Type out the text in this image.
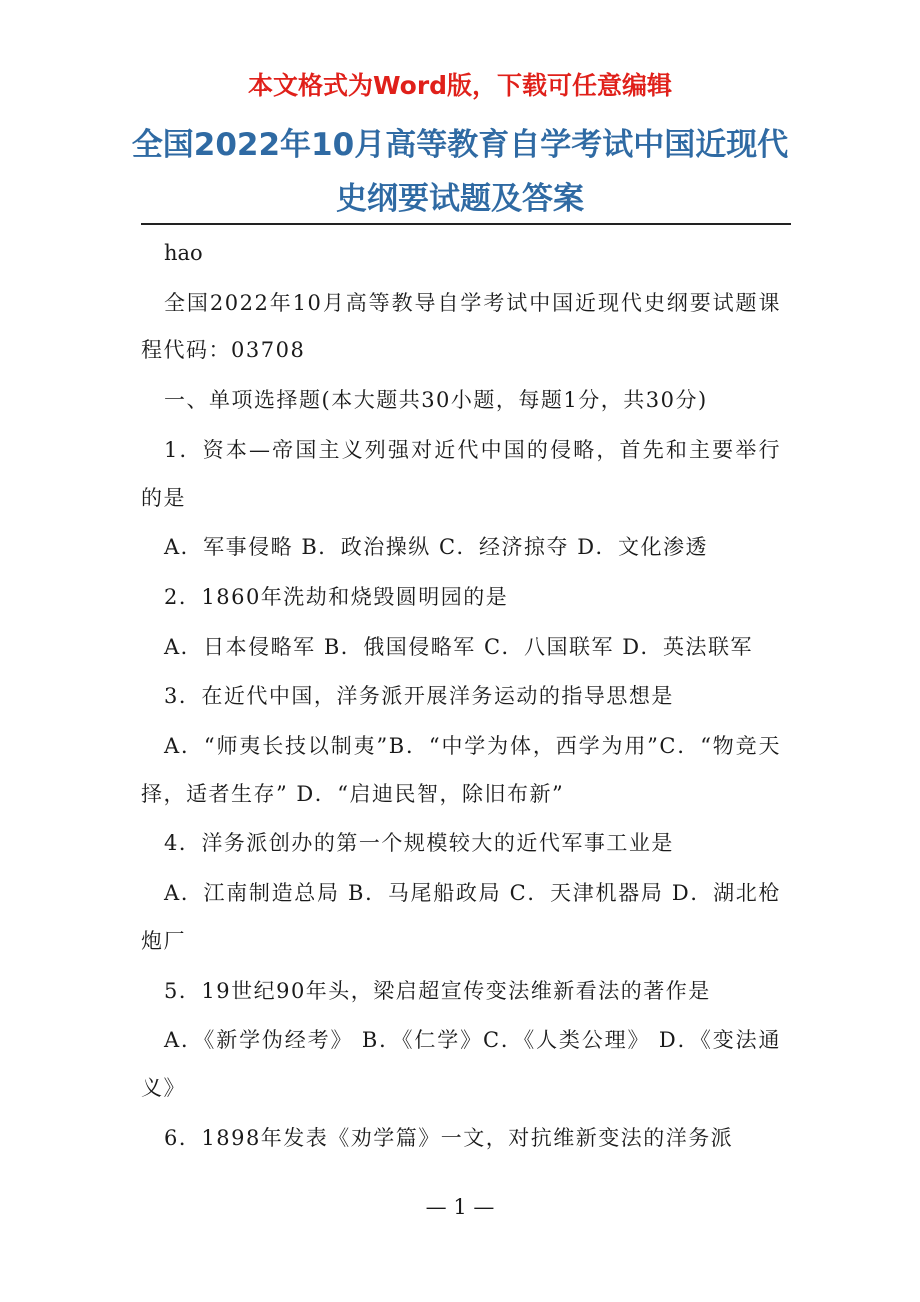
本文格式为Word版，下载可任意编辑
全国2022年10月高等教育自学考试中国近现代史纲要试题及答案

hao

全国2022年10月高等教导自学考试中国近现代史纲要试题课程代码：03708

一、单项选择题(本大题共30小题，每题1分，共30分)

1．资本—帝国主义列强对近代中国的侵略，首先和主要举行的是

A．军事侵略 B．政治操纵 C．经济掠夺 D．文化渗透

2．1860年洗劫和烧毁圆明园的是

A．日本侵略军 B．俄国侵略军 C．八国联军 D．英法联军

3．在近代中国，洋务派开展洋务运动的指导思想是

A．“师夷长技以制夷”B．“中学为体，西学为用”C．“物竞天择，适者生存” D．“启迪民智，除旧布新”

4．洋务派创办的第一个规模较大的近代军事工业是

A．江南制造总局 B．马尾船政局 C．天津机器局 D．湖北枪炮厂

5．19世纪90年头，梁启超宣传变法维新看法的著作是

A．《新学伪经考》 B．《仁学》C．《人类公理》 D．《变法通义》

6．1898年发表《劝学篇》一文，对抗维新变法的洋务派

— 1 —
